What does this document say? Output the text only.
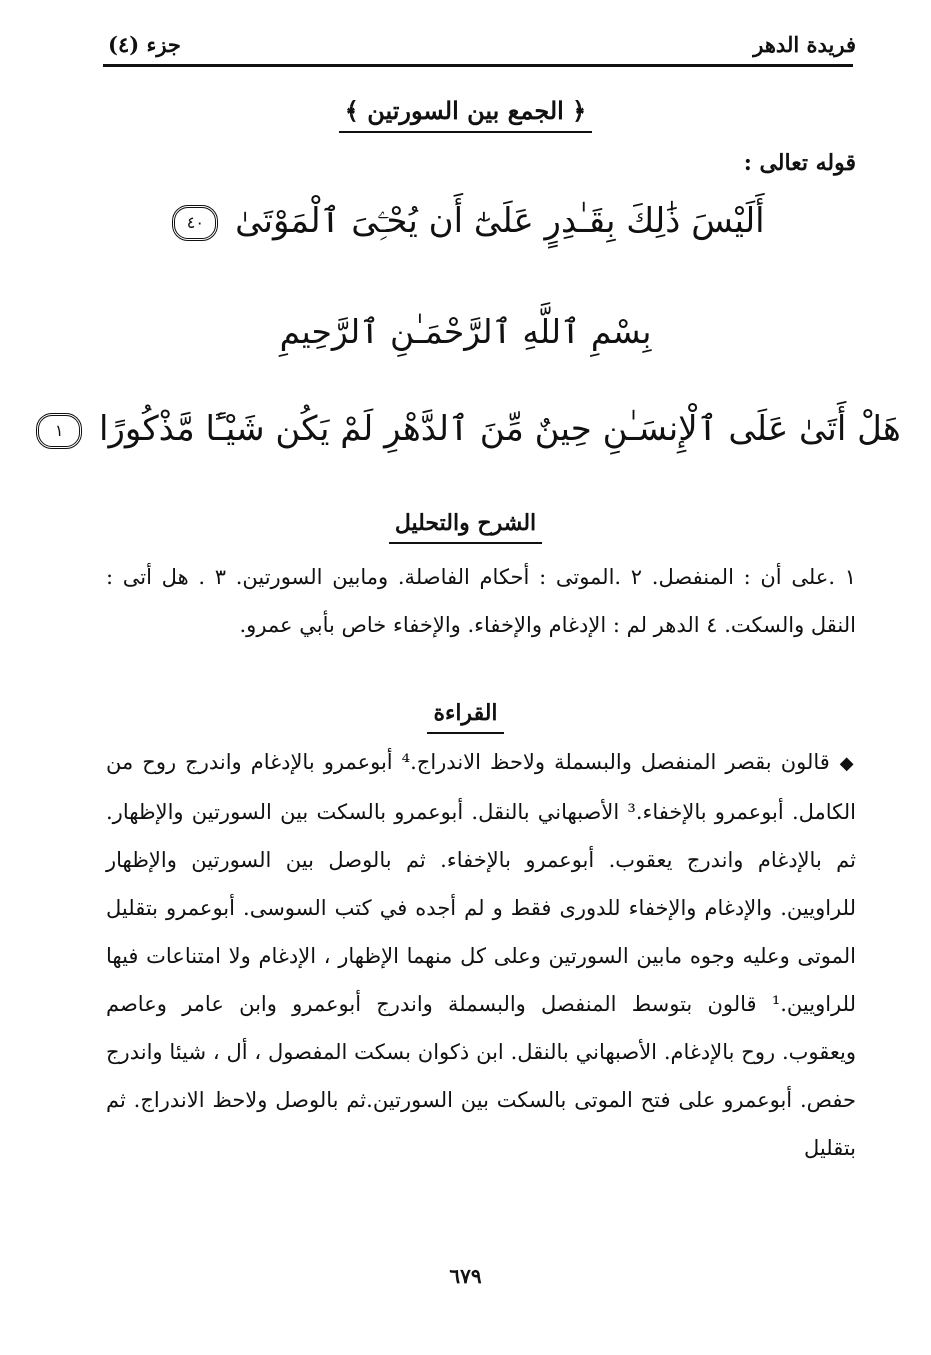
فريدة الدهر
جزء (٤)
﴿ الجمع بين السورتين ﴾
قوله تعالى :
أَلَيْسَ ذَٰلِكَ بِقَـٰدِرٍ عَلَىٰٓ أَن يُحْـِۧىَ ٱلْمَوْتَىٰ ٤٠
بِسْمِ ٱللَّهِ ٱلرَّحْمَـٰنِ ٱلرَّحِيمِ
هَلْ أَتَىٰ عَلَى ٱلْإِنسَـٰنِ حِينٌ مِّنَ ٱلدَّهْرِ لَمْ يَكُن شَيْـًٔا مَّذْكُورًا ١
الشرح والتحليل
١ .على أن : المنفصل. ٢ .الموتى : أحكام الفاصلة. ومابين السورتين. ٣ . هل أتى : النقل والسكت. ٤ الدهر لم : الإدغام والإخفاء. والإخفاء خاص بأبي عمرو.
القراءة
◆قالون بقصر المنفصل والبسملة ولاحظ الاندراج.⁴ أبوعمرو بالإدغام واندرج روح من الكامل. أبوعمرو بالإخفاء.³ الأصبهاني بالنقل. أبوعمرو بالسكت بين السورتين والإظهار. ثم بالإدغام واندرج يعقوب. أبوعمرو بالإخفاء. ثم بالوصل بين السورتين والإظهار للراويين. والإدغام والإخفاء للدورى فقط و لم أجده في كتب السوسى. أبوعمرو بتقليل الموتى وعليه وجوه مابين السورتين وعلى كل منهما الإظهار ، الإدغام ولا امتناعات فيها للراويين.¹ قالون بتوسط المنفصل والبسملة واندرج أبوعمرو وابن عامر وعاصم ويعقوب. روح بالإدغام. الأصبهاني بالنقل. ابن ذكوان بسكت المفصول ، أل ، شيئا واندرج حفص. أبوعمرو على فتح الموتى بالسكت بين السورتين.ثم بالوصل ولاحظ الاندراج. ثم بتقليل
٦٧٩
